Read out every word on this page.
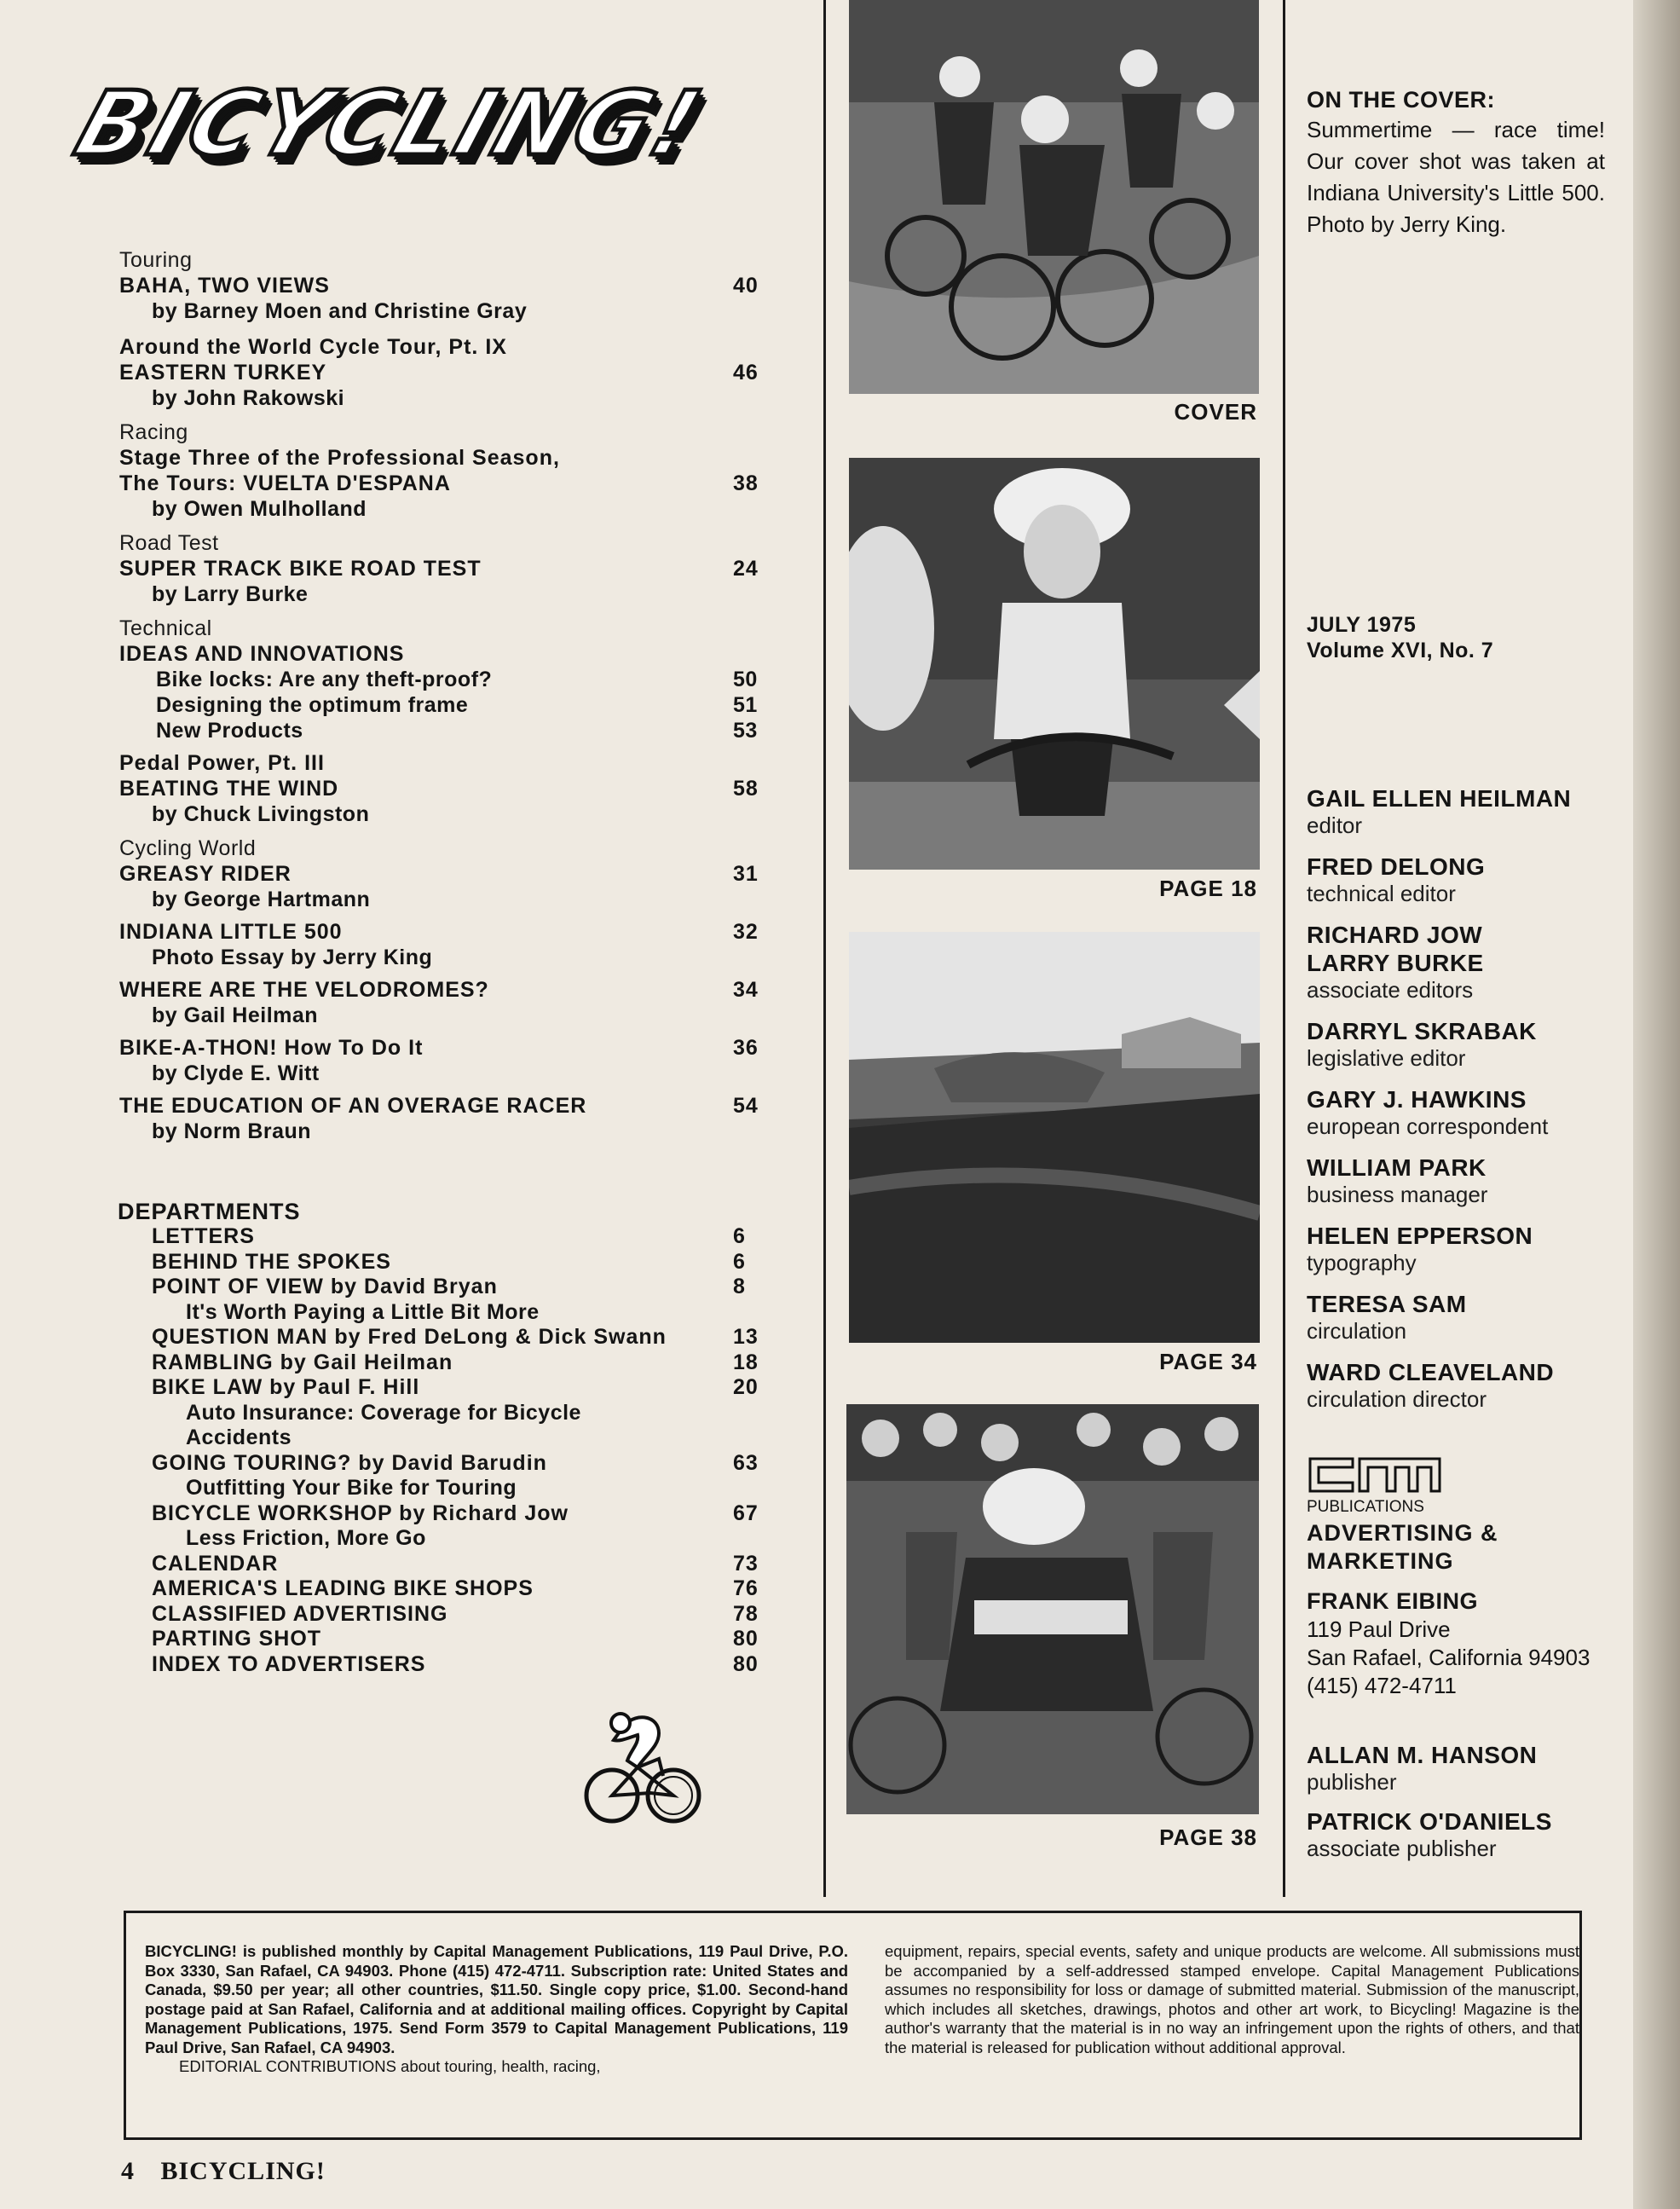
BICYCLING!
Touring
BAHA, TWO VIEWS	40
by Barney Moen and Christine Gray
Around the World Cycle Tour, Pt. IX
EASTERN TURKEY	46
by John Rakowski
Racing
Stage Three of the Professional Season,
The Tours: VUELTA D'ESPANA	38
by Owen Mulholland
Road Test
SUPER TRACK BIKE ROAD TEST	24
by Larry Burke
Technical
IDEAS AND INNOVATIONS
Bike locks: Are any theft-proof?	50
Designing the optimum frame	51
New Products	53
Pedal Power, Pt. III
BEATING THE WIND	58
by Chuck Livingston
Cycling World
GREASY RIDER	31
by George Hartmann
INDIANA LITTLE 500	32
Photo Essay by Jerry King
WHERE ARE THE VELODROMES?	34
by Gail Heilman
BIKE-A-THON! How To Do It	36
by Clyde E. Witt
THE EDUCATION OF AN OVERAGE RACER	54
by Norm Braun
DEPARTMENTS
LETTERS	6
BEHIND THE SPOKES	6
POINT OF VIEW by David Bryan	8
It's Worth Paying a Little Bit More
QUESTION MAN by Fred DeLong & Dick Swann	13
RAMBLING by Gail Heilman	18
BIKE LAW by Paul F. Hill	20
Auto Insurance: Coverage for Bicycle
Accidents
GOING TOURING? by David Barudin	63
Outfitting Your Bike for Touring
BICYCLE WORKSHOP by Richard Jow	67
Less Friction, More Go
CALENDAR	73
AMERICA'S LEADING BIKE SHOPS	76
CLASSIFIED ADVERTISING	78
PARTING SHOT	80
INDEX TO ADVERTISERS	80
COVER
PAGE 18
PAGE 34
PAGE 38
ON THE COVER:
Summertime — race time! Our cover shot was taken at Indiana University's Little 500. Photo by Jerry King.
JULY 1975
Volume XVI, No. 7
GAIL ELLEN HEILMAN
editor
FRED DELONG
technical editor
RICHARD JOW
LARRY BURKE
associate editors
DARRYL SKRABAK
legislative editor
GARY J. HAWKINS
european correspondent
WILLIAM PARK
business manager
HELEN EPPERSON
typography
TERESA SAM
circulation
WARD CLEAVELAND
circulation director
PUBLICATIONS
ADVERTISING &
MARKETING
FRANK EIBING
119 Paul Drive
San Rafael, California 94903
(415) 472-4711
ALLAN M. HANSON
publisher
PATRICK O'DANIELS
associate publisher
BICYCLING! is published monthly by Capital Management Publications, 119 Paul Drive, P.O. Box 3330, San Rafael, CA 94903. Phone (415) 472-4711. Subscription rate: United States and Canada, $9.50 per year; all other countries, $11.50. Single copy price, $1.00. Second-hand postage paid at San Rafael, California and at additional mailing offices. Copyright by Capital Management Publications, 1975. Send Form 3579 to Capital Management Publications, 119 Paul Drive, San Rafael, CA 94903.
EDITORIAL CONTRIBUTIONS about touring, health, racing,
equipment, repairs, special events, safety and unique products are welcome. All submissions must be accompanied by a self-addressed stamped envelope. Capital Management Publications assumes no responsibility for loss or damage of submitted material. Submission of the manuscript, which includes all sketches, drawings, photos and other art work, to Bicycling! Magazine is the author's warranty that the material is in no way an infringement upon the rights of others, and that the material is released for publication without additional approval.
4 BICYCLING!
